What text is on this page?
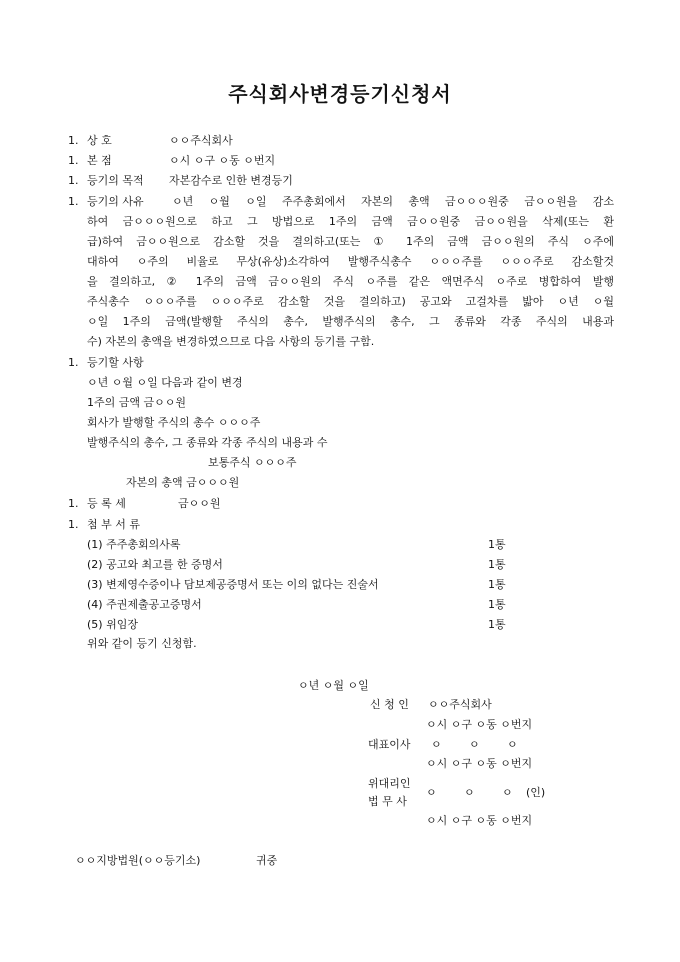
주식회사변경등기신청서
1. 상 호	ㅇㅇ주식회사
1. 본 점	ㅇ시 ㅇ구 ㅇ동 ㅇ번지
1. 등기의 목적 자본감수로 인한 변경등기
1. 등기의 사유	ㅇ년 ㅇ월 ㅇ일 주주총회에서 자본의 총액 금ㅇㅇㅇ원중 금ㅇㅇ원을 감소
하여 금ㅇㅇㅇ원으로 하고 그 방법으로 1주의 금액 금ㅇㅇ원중 금ㅇㅇ원을 삭제(또는 환
급)하여 금ㅇㅇ원으로 감소할 것을 결의하고(또는 ① 1주의 금액 금ㅇㅇ원의 주식 ㅇ주에
대하여 ㅇ주의 비율로 무상(유상)소각하여 발행주식총수 ㅇㅇㅇ주를 ㅇㅇㅇ주로 감소할것
을 결의하고, ② 1주의 금액 금ㅇㅇ원의 주식 ㅇ주를 같은 액면주식 ㅇ주로 병합하여 발행
주식총수 ㅇㅇㅇ주를 ㅇㅇㅇ주로 감소할 것을 결의하고) 공고와 고걸차를 밟아 ㅇ년 ㅇ월
ㅇ일 1주의 금액(발행할 주식의 총수, 발행주식의 총수, 그 종류와 각종 주식의 내용과
수) 자본의 총액을 변경하였으므로 다음 사항의 등기를 구함.
1. 등기할 사항
ㅇ년 ㅇ월 ㅇ일 다음과 같이 변경
1주의 금액 금ㅇㅇ원
회사가 발행할 주식의 총수 ㅇㅇㅇ주
발행주식의 총수, 그 종류와 각종 주식의 내용과 수
보통주식 ㅇㅇㅇ주
자본의 총액 금ㅇㅇㅇ원
1. 등 록 세	금ㅇㅇ원
1. 첨 부 서 류
(1) 주주총회의사록	1통
(2) 공고와 최고를 한 증명서	1통
(3) 변제영수증이나 담보제공증명서 또는 이의 없다는 진술서	1통
(4) 주권제출공고증명서	1통
(5) 위임장	1통
위와 같이 등기 신청함.
ㅇ년 ㅇ월 ㅇ일
신 청 인 ㅇㅇ주식회사
ㅇ시 ㅇ구 ㅇ동 ㅇ번지
대표이사 ㅇ ㅇ ㅇ
ㅇ시 ㅇ구 ㅇ동 ㅇ번지
위대리인
법 무 사
ㅇ ㅇ ㅇ (인)
ㅇ시 ㅇ구 ㅇ동 ㅇ번지
ㅇㅇ지방법원(ㅇㅇ등기소)	귀중
